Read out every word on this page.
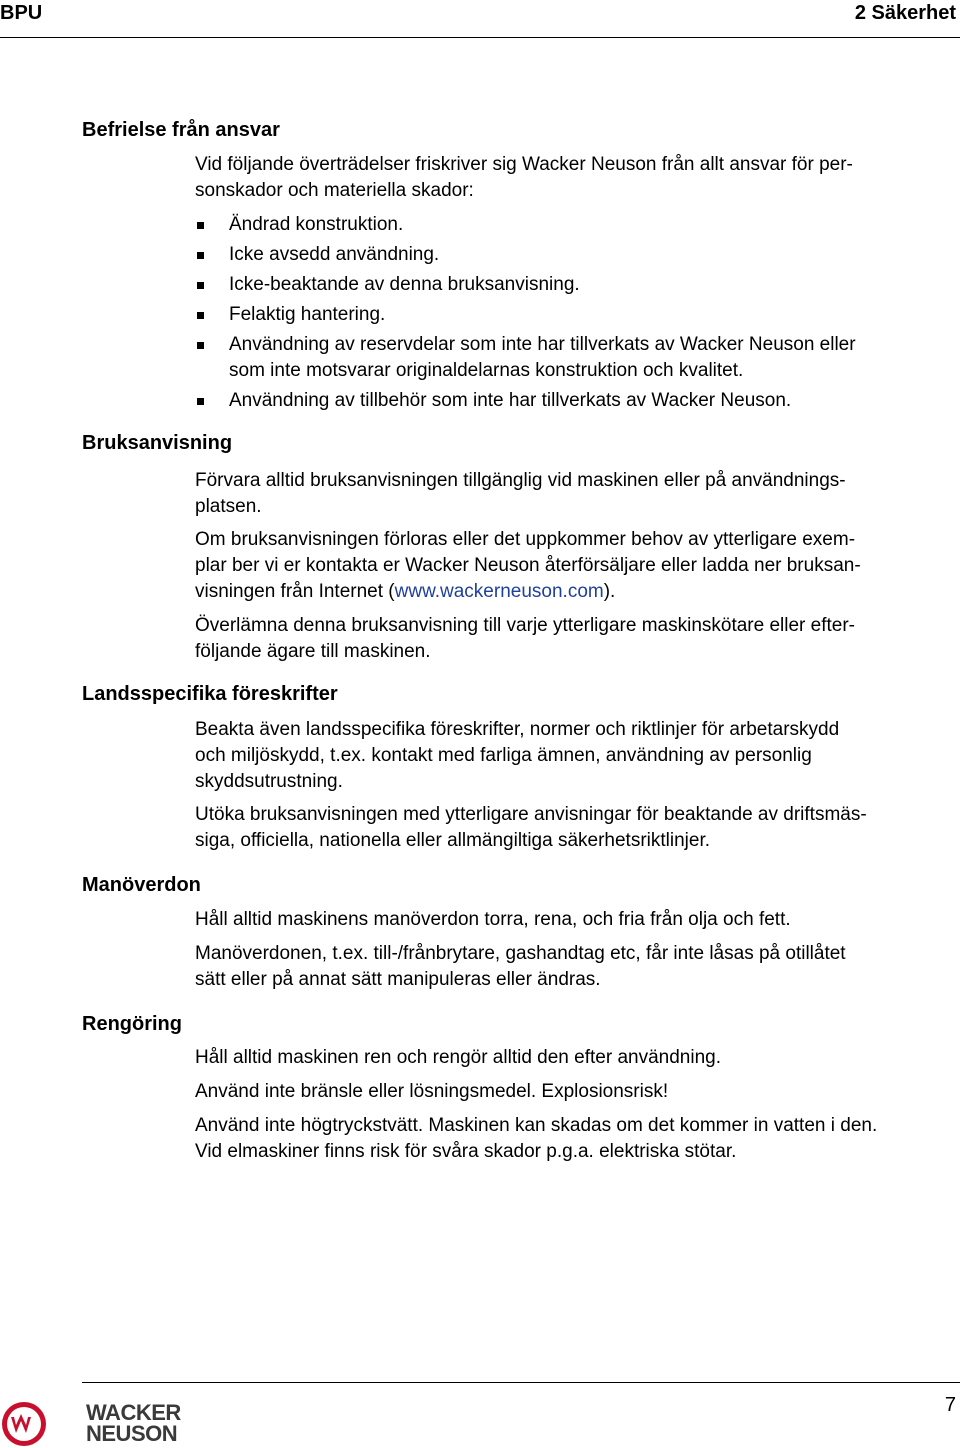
BPU	2 Säkerhet
Befrielse från ansvar
Vid följande överträdelser friskriver sig Wacker Neuson från allt ansvar för per-
sonskador och materiella skador:
Ändrad konstruktion.
Icke avsedd användning.
Icke-beaktande av denna bruksanvisning.
Felaktig hantering.
Användning av reservdelar som inte har tillverkats av Wacker Neuson eller
som inte motsvarar originaldelarnas konstruktion och kvalitet.
Användning av tillbehör som inte har tillverkats av Wacker Neuson.
Bruksanvisning
Förvara alltid bruksanvisningen tillgänglig vid maskinen eller på användnings-
platsen.
Om bruksanvisningen förloras eller det uppkommer behov av ytterligare exem-
plar ber vi er kontakta er Wacker Neuson återförsäljare eller ladda ner bruksan-
visningen från Internet (www.wackerneuson.com).
Överlämna denna bruksanvisning till varje ytterligare maskinskötare eller efter-
följande ägare till maskinen.
Landsspecifika föreskrifter
Beakta även landsspecifika föreskrifter, normer och riktlinjer för arbetarskydd
och miljöskydd, t.ex. kontakt med farliga ämnen, användning av personlig
skyddsutrustning.
Utöka bruksanvisningen med ytterligare anvisningar för beaktande av driftsmäs-
siga, officiella, nationella eller allmängiltiga säkerhetsriktlinjer.
Manöverdon
Håll alltid maskinens manöverdon torra, rena, och fria från olja och fett.
Manöverdonen, t.ex. till-/frånbrytare, gashandtag etc, får inte låsas på otillåtet
sätt eller på annat sätt manipuleras eller ändras.
Rengöring
Håll alltid maskinen ren och rengör alltid den efter användning.
Använd inte bränsle eller lösningsmedel. Explosionsrisk!
Använd inte högtryckstvätt. Maskinen kan skadas om det kommer in vatten i den.
Vid elmaskiner finns risk för svåra skador p.g.a. elektriska stötar.
WACKER
NEUSON
7
